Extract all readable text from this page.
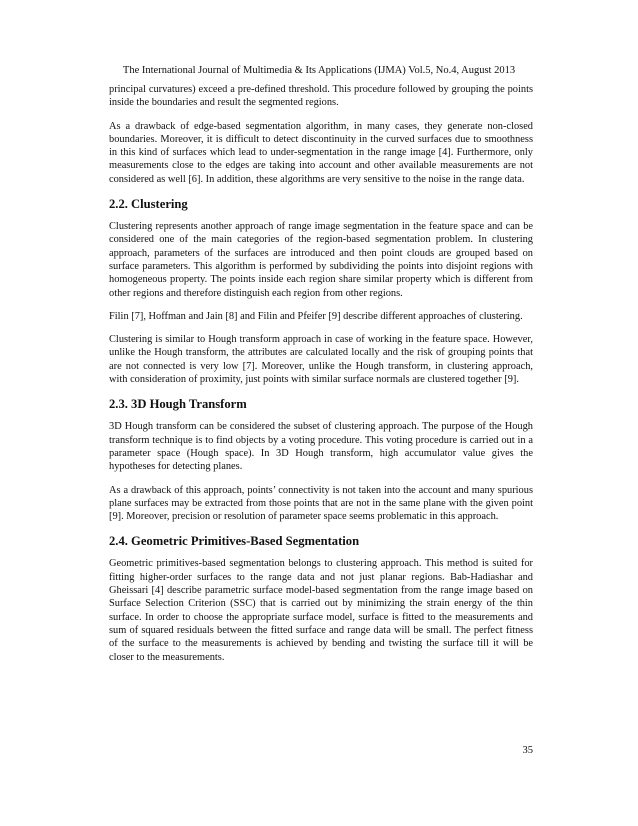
The International Journal of Multimedia & Its Applications (IJMA) Vol.5, No.4, August 2013

principal curvatures) exceed a pre-defined threshold. This procedure followed by grouping the points inside the boundaries and result the segmented regions.

As a drawback of edge-based segmentation algorithm, in many cases, they generate non-closed boundaries. Moreover, it is difficult to detect discontinuity in the curved surfaces due to smoothness in this kind of surfaces which lead to under-segmentation in the range image [4]. Furthermore, only measurements close to the edges are taking into account and other available measurements are not considered as well [6]. In addition, these algorithms are very sensitive to the noise in the range data.

2.2. Clustering

Clustering represents another approach of range image segmentation in the feature space and can be considered one of the main categories of the region-based segmentation problem. In clustering approach, parameters of the surfaces are introduced and then point clouds are grouped based on surface parameters. This algorithm is performed by subdividing the points into disjoint regions with homogeneous property. The points inside each region share similar property which is different from other regions and therefore distinguish each region from other regions.

Filin [7], Hoffman and Jain [8] and Filin and Pfeifer [9] describe different approaches of clustering.

Clustering is similar to Hough transform approach in case of working in the feature space. However, unlike the Hough transform, the attributes are calculated locally and the risk of grouping points that are not connected is very low [7]. Moreover, unlike the Hough transform, in clustering approach, with consideration of proximity, just points with similar surface normals are clustered together [9].

2.3. 3D Hough Transform

3D Hough transform can be considered the subset of clustering approach. The purpose of the Hough transform technique is to find objects by a voting procedure. This voting procedure is carried out in a parameter space (Hough space). In 3D Hough transform, high accumulator value gives the hypotheses for detecting planes.

As a drawback of this approach, points’ connectivity is not taken into the account and many spurious plane surfaces may be extracted from those points that are not in the same plane with the given point [9]. Moreover, precision or resolution of parameter space seems problematic in this approach.

2.4. Geometric Primitives-Based Segmentation

Geometric primitives-based segmentation belongs to clustering approach. This method is suited for fitting higher-order surfaces to the range data and not just planar regions. Bab-Hadiashar and Gheissari [4] describe parametric surface model-based segmentation from the range image based on Surface Selection Criterion (SSC) that is carried out by minimizing the strain energy of the thin surface. In order to choose the appropriate surface model, surface is fitted to the measurements and sum of squared residuals between the fitted surface and range data will be small. The perfect fitness of the surface to the measurements is achieved by bending and twisting the surface till it will be closer to the measurements.

35
